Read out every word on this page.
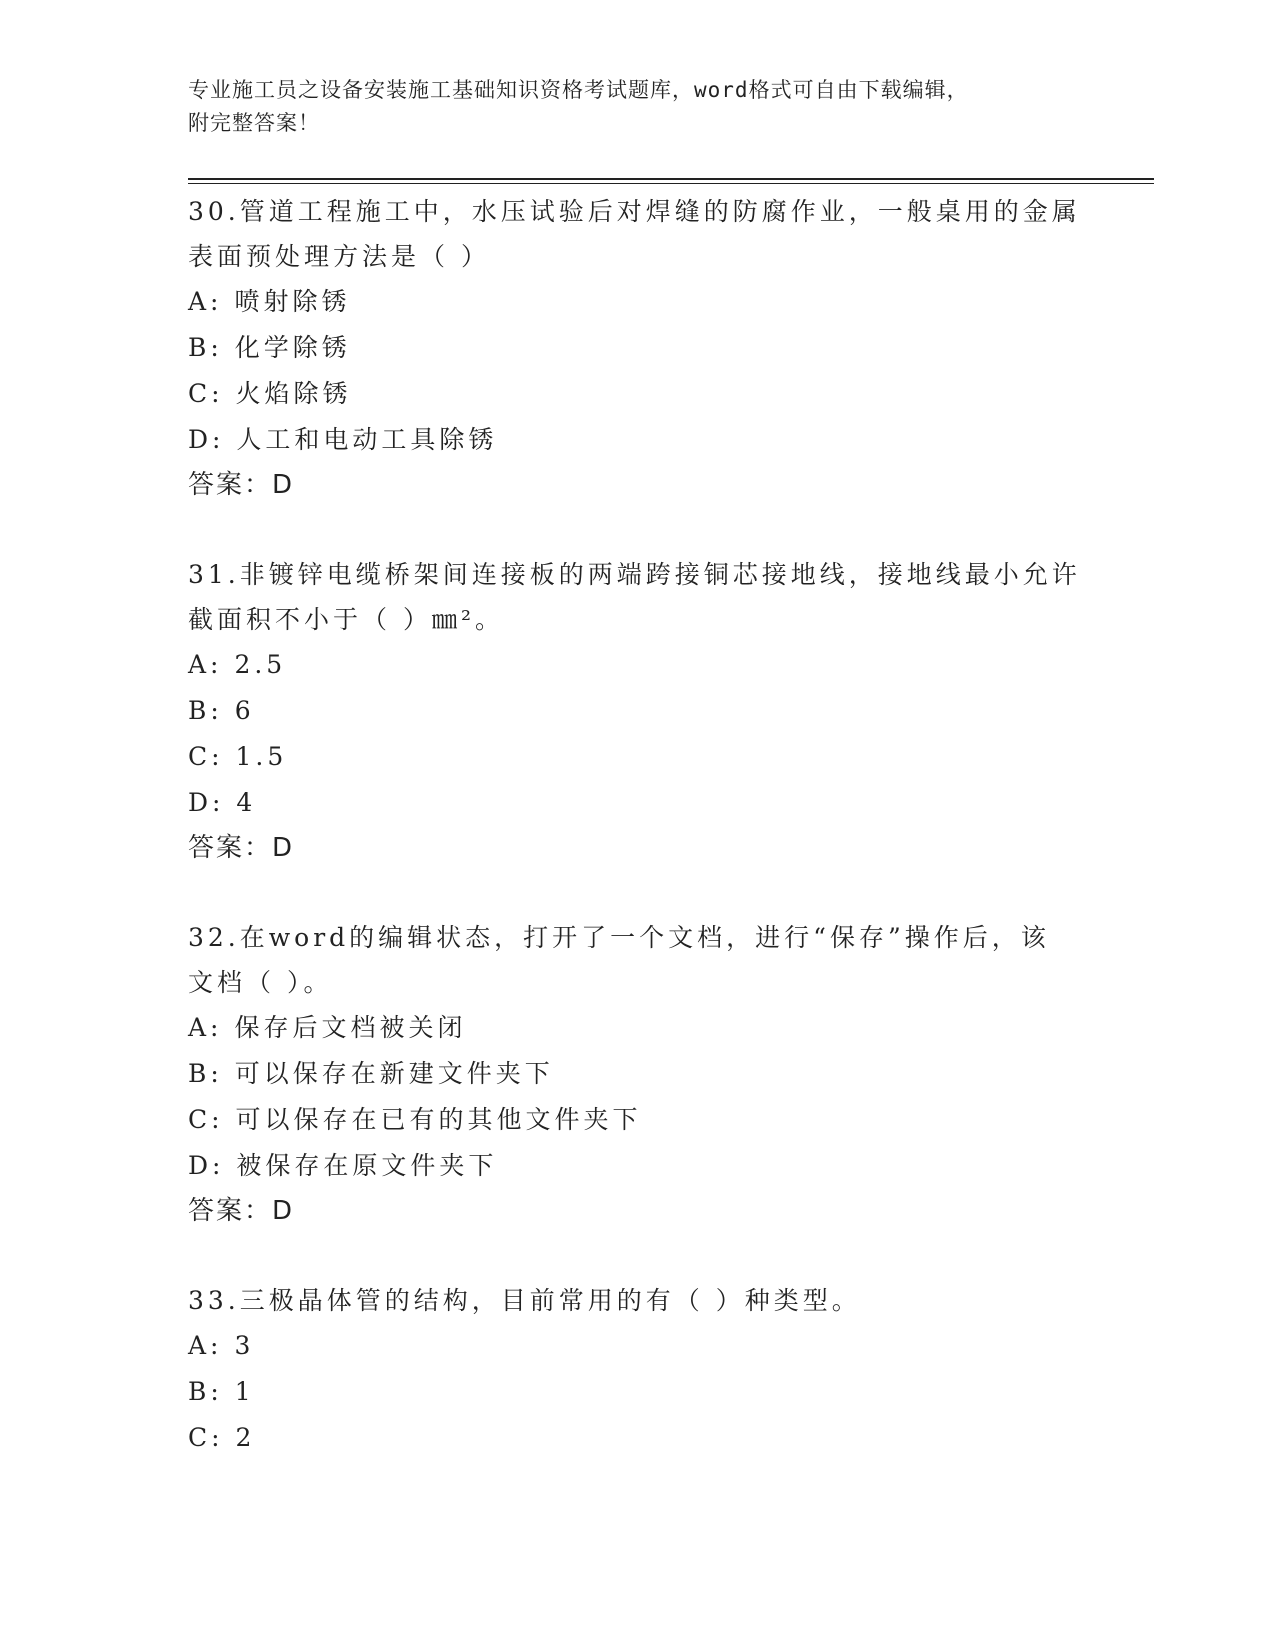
专业施工员之设备安装施工基础知识资格考试题库，word格式可自由下载编辑，
附完整答案！
30.管道工程施工中，水压试验后对焊缝的防腐作业，一般桌用的金属
表面预处理方法是（ ）
A: 喷射除锈
B: 化学除锈
C: 火焰除锈
D: 人工和电动工具除锈
答案：D
31.非镀锌电缆桥架间连接板的两端跨接铜芯接地线，接地线最小允许
截面积不小于（ ）㎜²。
A: 2.5
B: 6
C: 1.5
D: 4
答案：D
32.在word的编辑状态，打开了一个文档，进行“保存”操作后，该
文档（ ）。
A: 保存后文档被关闭
B: 可以保存在新建文件夹下
C: 可以保存在已有的其他文件夹下
D: 被保存在原文件夹下
答案：D
33.三极晶体管的结构，目前常用的有（ ）种类型。
A: 3
B: 1
C: 2
